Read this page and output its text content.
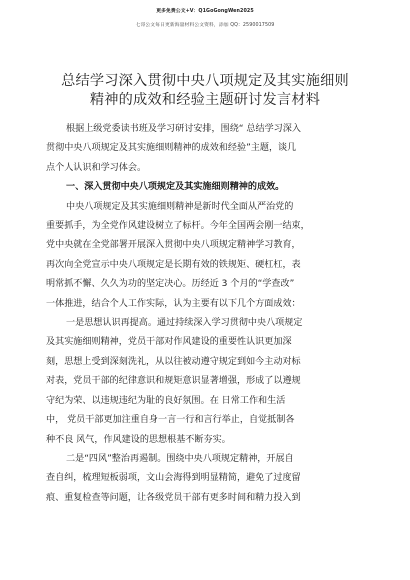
更多免费公文+V：Q1GoGongWen2025
七哥公文每日更新海量材料公文资料，添加 QQ：2590017509
总结学习深入贯彻中央八项规定及其实施细则
精神的成效和经验主题研讨发言材料
根据上级党委读书班及学习研讨安排，围绕“ 总结学习深入
贯彻中央八项规定及其实施细则精神的成效和经验”主题，谈几
点个人认识和学习体会。
一、深入贯彻中央八项规定及其实施细则精神的成效。
中央八项规定及其实施细则精神是新时代全面从严治党的
重要抓手，为全党作风建设树立了标杆。今年全国两会刚一结束，
党中央就在全党部署开展深入贯彻中央八项规定精神学习教育，
再次向全党宣示中央八项规定是长期有效的铁规矩、硬杠杠，表
明常抓不懈、久久为功的坚定决心。历经近 3 个月的“学查改”
一体推进，结合个人工作实际，认为主要有以下几个方面成效：
一是思想认识再提高。通过持续深入学习贯彻中央八项规定
及其实施细则精神，党员干部对作风建设的重要性认识更加深
刻，思想上受到深刻洗礼，从以往被动遵守规定到如今主动对标
对表，党员干部的纪律意识和规矩意识显著增强，形成了以遵规
守纪为荣、以违规违纪为耻的良好氛围。在 日常工作和生活
中， 党员干部更加注重自身一言一行和言行举止，自觉抵制各
种不良 风气，作风建设的思想根基不断夯实。
二是“四风”整治再遏制。围绕中央八项规定精神，开展自
查自纠，梳理短板弱项，文山会海得到明显精简，避免了过度留
痕、重复检查等问题，让各级党员干部有更多时间和精力投入到
